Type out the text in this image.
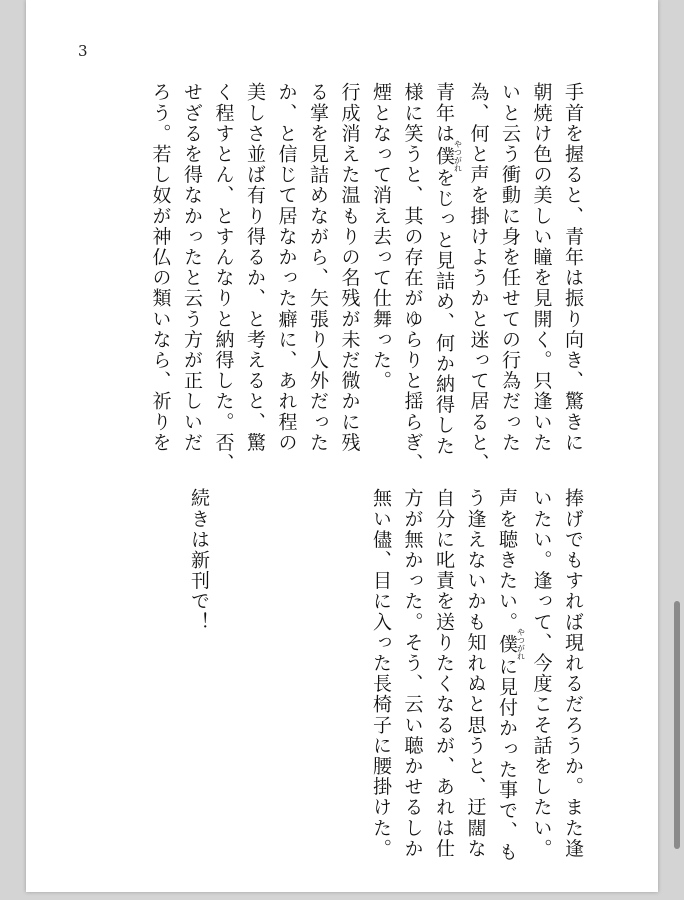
3
手首を握ると、青年は振り向き、驚きに
朝焼け色の美しい瞳を見開く。只逢いた
いと云う衝動に身を任せての行為だった
為、何と声を掛けようかと迷って居ると、
青年は僕やつがれをじっと見詰め、何か納得した
様に笑うと、其の存在がゆらりと揺らぎ、
煙となって消え去って仕舞った。
行成消えた温もりの名残が未だ微かに残
る掌を見詰めながら、矢張り人外だった
か、と信じて居なかった癖に、あれ程の
美しさ並ば有り得るか、と考えると、驚
く程すとん、とすんなりと納得した。否、
せざるを得なかったと云う方が正しいだ
ろう。若し奴が神仏の類いなら、祈りを
捧げでもすれば現れるだろうか。また逢
いたい。逢って、今度こそ話をしたい。
声を聴きたい。僕やつがれに見付かった事で、も
う逢えないかも知れぬと思うと、迂闊な
自分に叱責を送りたくなるが、あれは仕
方が無かった。そう、云い聴かせるしか
無い儘、目に入った長椅子に腰掛けた。
続きは新刊で！
